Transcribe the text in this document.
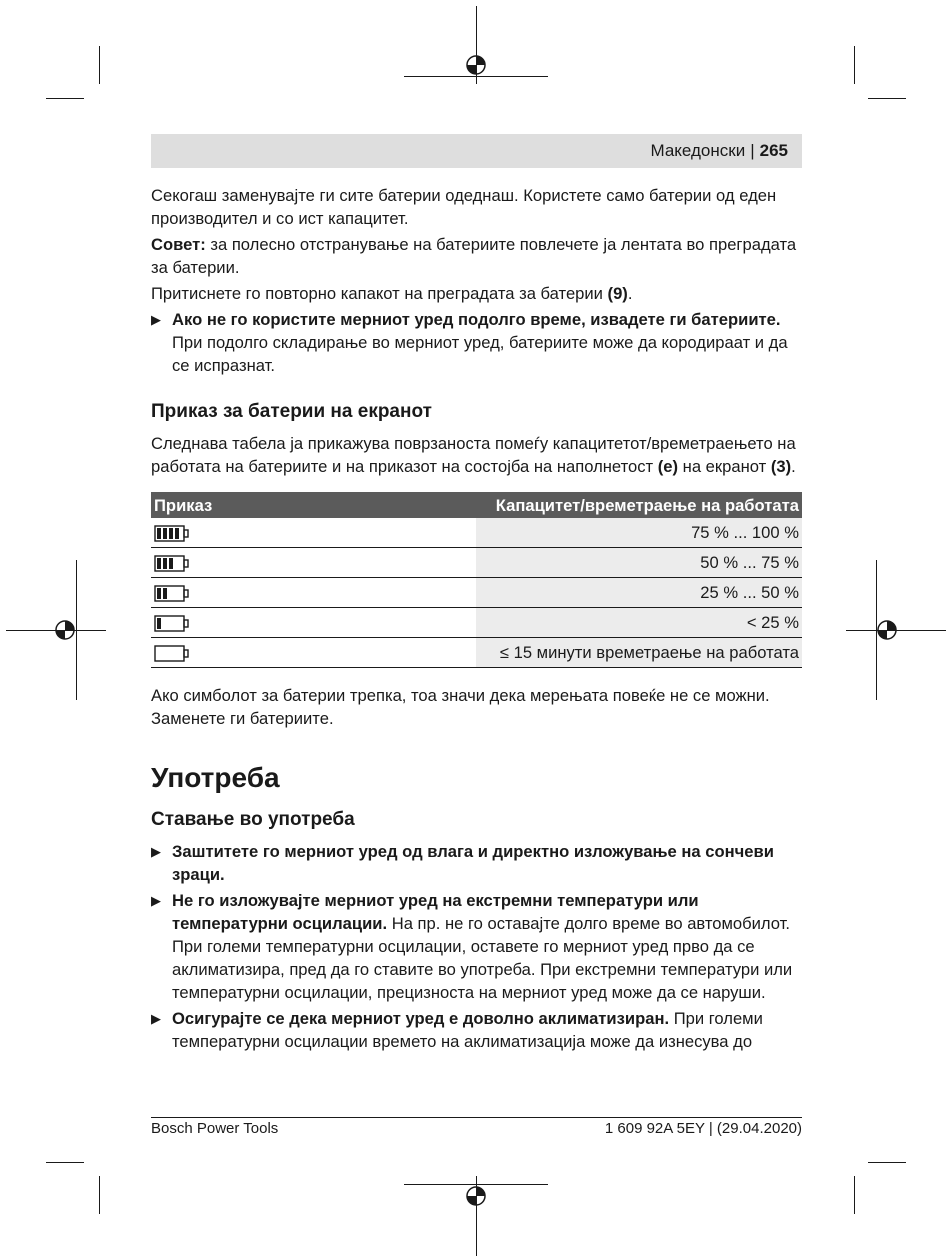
Македонски | 265

Секогаш заменувајте ги сите батерии одеднаш. Користете само батерии од еден производител и со ист капацитет.

Совет: за полесно отстранување на батериите повлечете ја лентата во преградата за батерии.

Притиснете го повторно капакот на преградата за батерии (9).

▶ Ако не го користите мерниот уред подолго време, извадете ги батериите. При подолго складирање во мерниот уред, батериите може да кородираат и да се испразнат.
Приказ за батерии на екранот

Следнава табела ја прикажува поврзаноста помеѓу капацитетот/времетраењето на работата на батериите и на приказот на состојба на наполнетост (e) на екранот (3).

Приказ	Капацитет/времетраење на работата
	75 % ... 100 %
	50 % ... 75 %
	25 % ... 50 %
	< 25 %
	≤ 15 минути времетраење на работата

Ако симболот за батерии трепка, тоа значи дека мерењата повеќе не се можни. Заменете ги батериите.

Употреба
Ставање во употреба
▶ Заштитете го мерниот уред од влага и директно изложување на сончеви зраци.
▶ Не го изложувајте мерниот уред на екстремни температури или температурни осцилации. На пр. не го оставајте долго време во автомобилот. При големи температурни осцилации, оставете го мерниот уред прво да се аклиматизира, пред да го ставите во употреба. При екстремни температури или температурни осцилации, прецизноста на мерниот уред може да се наруши.
▶ Осигурајте се дека мерниот уред е доволно аклиматизиран. При големи температурни осцилации времето на аклиматизација може да изнесува до
Bosch Power Tools	1 609 92A 5EY | (29.04.2020)
